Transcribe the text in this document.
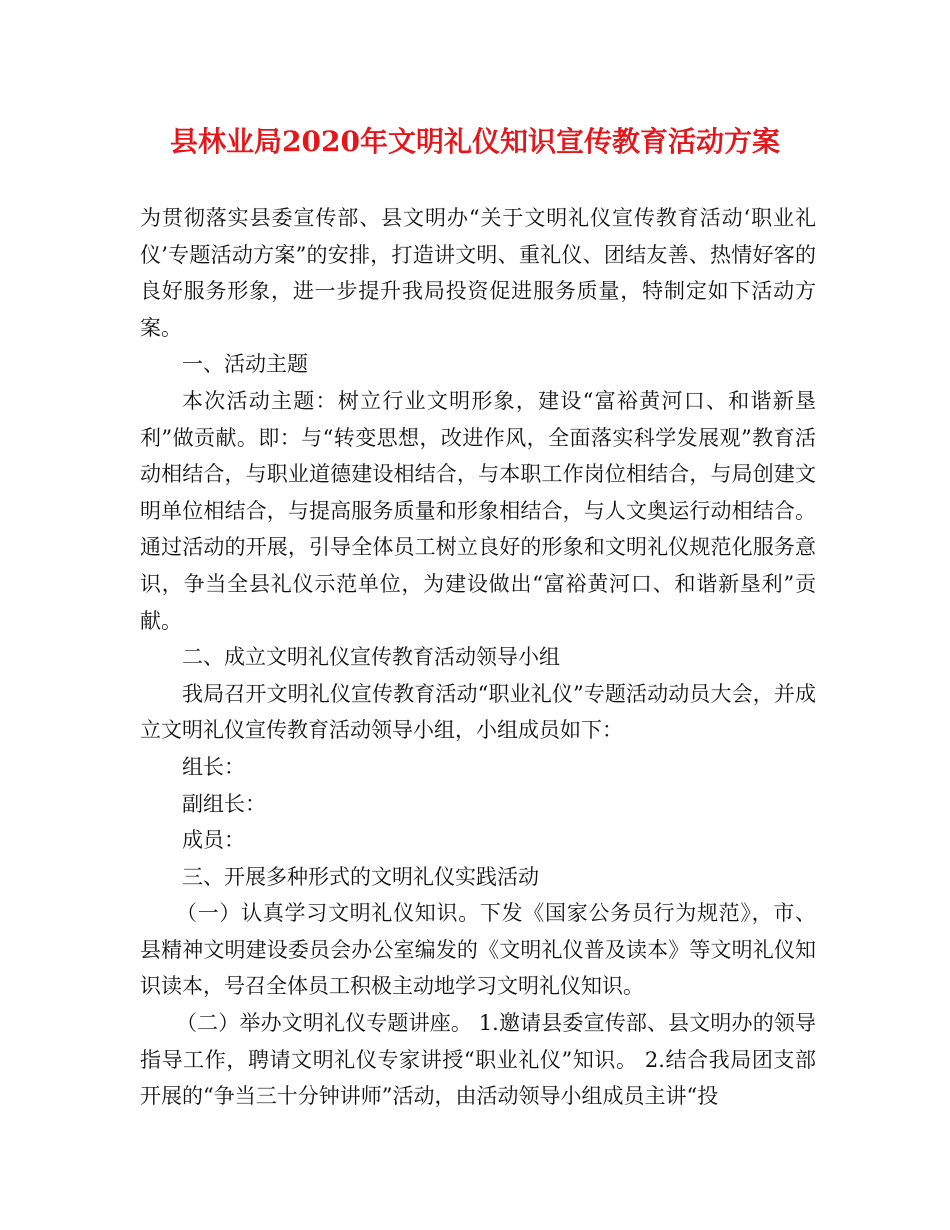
县林业局2020年文明礼仪知识宣传教育活动方案

为贯彻落实县委宣传部、县文明办“关于文明礼仪宣传教育活动‘职业礼仪’专题活动方案”的安排，打造讲文明、重礼仪、团结友善、热情好客的良好服务形象，进一步提升我局投资促进服务质量，特制定如下活动方案。

一、活动主题

本次活动主题：树立行业文明形象，建设“富裕黄河口、和谐新垦利”做贡献。即：与“转变思想，改进作风，全面落实科学发展观”教育活动相结合，与职业道德建设相结合，与本职工作岗位相结合，与局创建文明单位相结合，与提高服务质量和形象相结合，与人文奥运行动相结合。通过活动的开展，引导全体员工树立良好的形象和文明礼仪规范化服务意识，争当全县礼仪示范单位，为建设做出“富裕黄河口、和谐新垦利”贡献。

二、成立文明礼仪宣传教育活动领导小组

我局召开文明礼仪宣传教育活动“职业礼仪”专题活动动员大会，并成立文明礼仪宣传教育活动领导小组，小组成员如下：

组长：

副组长：

成员：

三、开展多种形式的文明礼仪实践活动

（一）认真学习文明礼仪知识。下发《国家公务员行为规范》，市、县精神文明建设委员会办公室编发的《文明礼仪普及读本》等文明礼仪知识读本，号召全体员工积极主动地学习文明礼仪知识。

（二）举办文明礼仪专题讲座。 1.邀请县委宣传部、县文明办的领导指导工作，聘请文明礼仪专家讲授“职业礼仪”知识。 2.结合我局团支部开展的“争当三十分钟讲师”活动，由活动领导小组成员主讲“投
